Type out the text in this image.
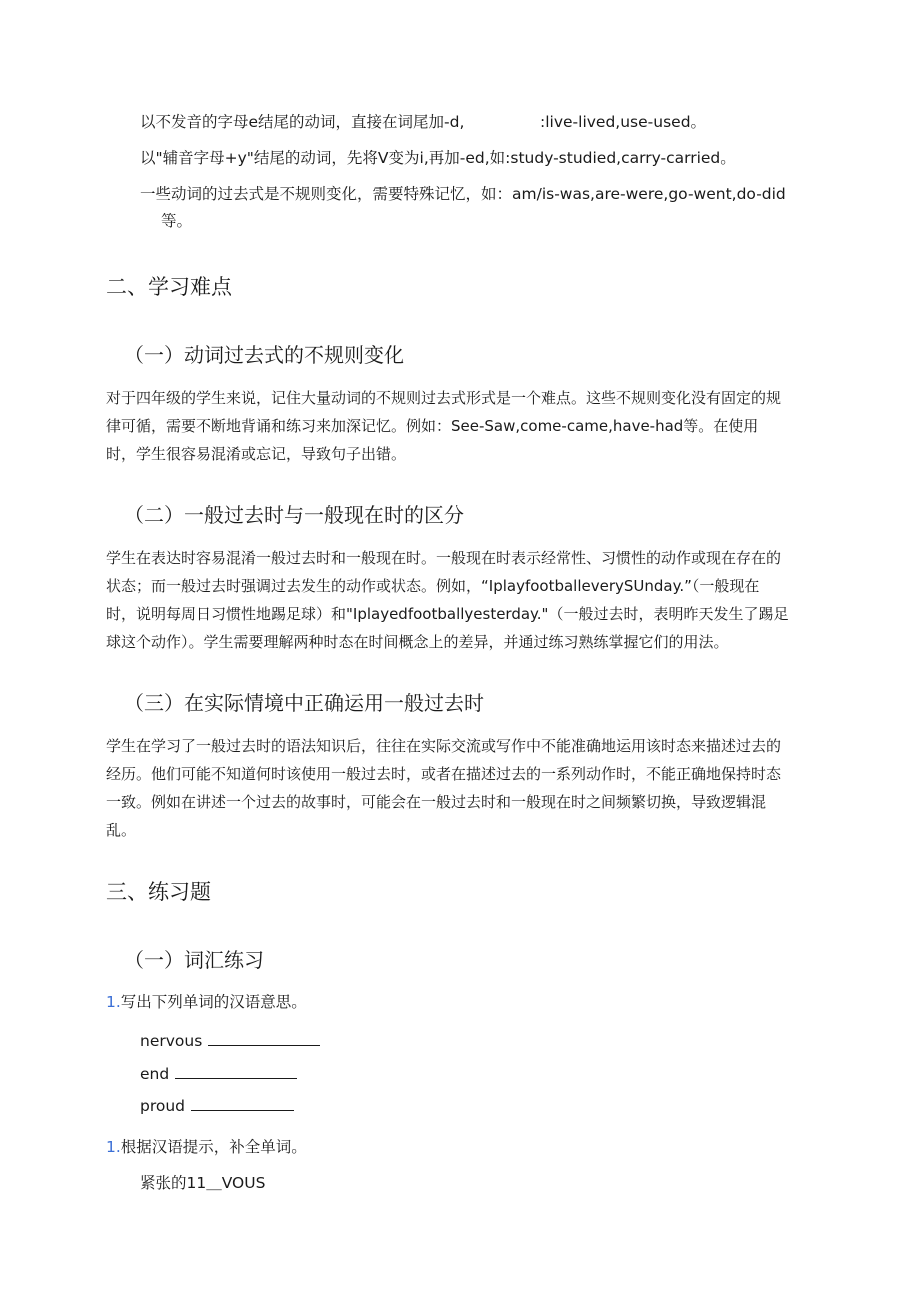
以不发音的字母e结尾的动词，直接在词尾加-d,	:live-lived,use-used。
以"辅音字母+y"结尾的动词，先将V变为i,再加-ed,如:study-studied,carry-carried。
一些动词的过去式是不规则变化，需要特殊记忆，如：am/is-was,are-were,go-went,do-did
等。
二、学习难点
（一）动词过去式的不规则变化

对于四年级的学生来说，记住大量动词的不规则过去式形式是一个难点。这些不规则变化没有固定的规

律可循，需要不断地背诵和练习来加深记忆。例如：See-Saw,come-came,have-had等。在使用

时，学生很容易混淆或忘记，导致句子出错。

（二）一般过去时与一般现在时的区分

学生在表达时容易混淆一般过去时和一般现在时。一般现在时表示经常性、习惯性的动作或现在存在的

状态；而一般过去时强调过去发生的动作或状态。例如，“IplayfootballeverySUnday.”（一般现在

时，说明每周日习惯性地踢足球）和"Iplayedfootballyesterday."（一般过去时，表明昨天发生了踢足

球这个动作）。学生需要理解两种时态在时间概念上的差异，并通过练习熟练掌握它们的用法。

（三）在实际情境中正确运用一般过去时

学生在学习了一般过去时的语法知识后，往往在实际交流或写作中不能准确地运用该时态来描述过去的

经历。他们可能不知道何时该使用一般过去时，或者在描述过去的一系列动作时，不能正确地保持时态

一致。例如在讲述一个过去的故事时，可能会在一般过去时和一般现在时之间频繁切换，导致逻辑混

乱。

三、练习题
（一）词汇练习
1.写出下列单词的汉语意思。
nervous
end
proud
1.根据汉语提示，补全单词。
紧张的11＿VOUS
